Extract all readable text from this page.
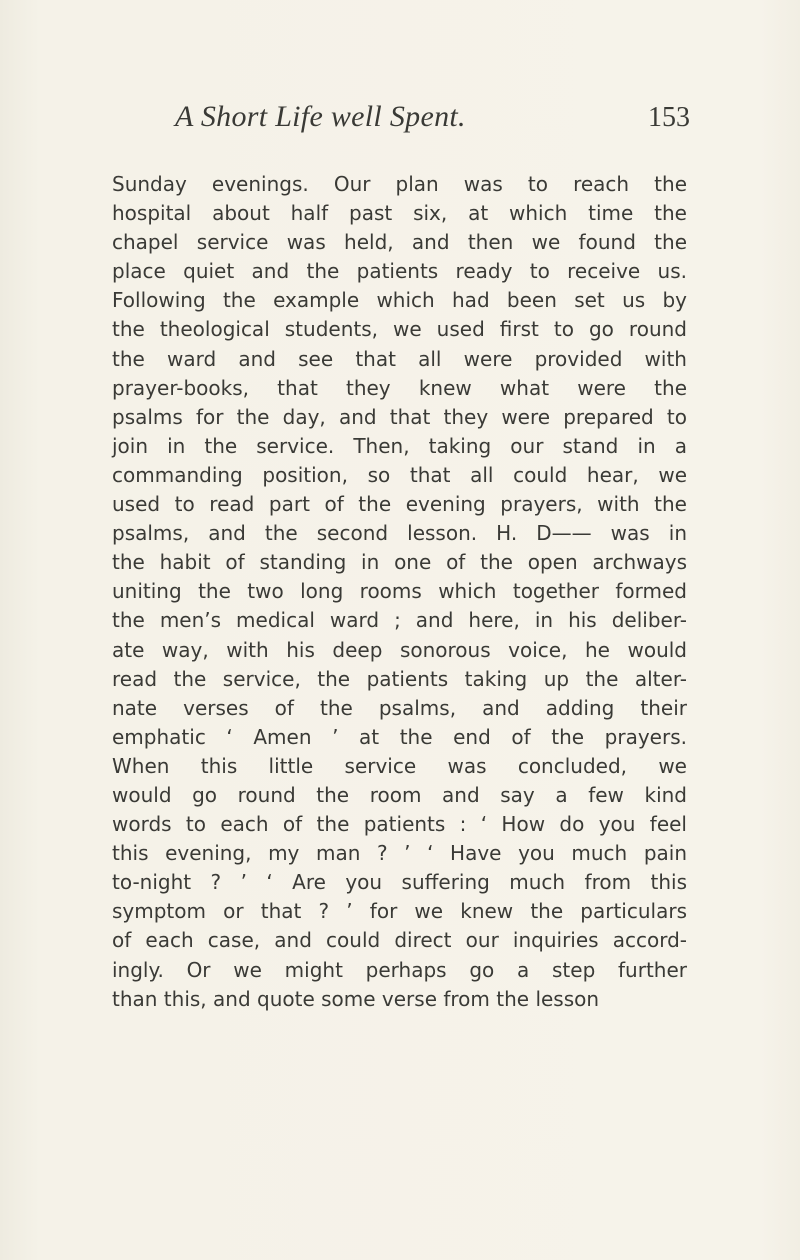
A Short Life well Spent.	153
Sunday evenings. Our plan was to reach the
hospital about half past six, at which time the
chapel service was held, and then we found the
place quiet and the patients ready to receive us.
Following the example which had been set us by
the theological students, we used first to go round
the ward and see that all were provided with
prayer-books, that they knew what were the
psalms for the day, and that they were prepared to
join in the service. Then, taking our stand in a
commanding position, so that all could hear, we
used to read part of the evening prayers, with the
psalms, and the second lesson. H. D—— was in
the habit of standing in one of the open archways
uniting the two long rooms which together formed
the men’s medical ward ; and here, in his deliber-
ate way, with his deep sonorous voice, he would
read the service, the patients taking up the alter-
nate verses of the psalms, and adding their
emphatic ‘ Amen ’ at the end of the prayers.
When this little service was concluded, we
would go round the room and say a few kind
words to each of the patients : ‘ How do you feel
this evening, my man ? ’ ‘ Have you much pain
to-night ? ’ ‘ Are you suffering much from this
symptom or that ? ’ for we knew the particulars
of each case, and could direct our inquiries accord-
ingly. Or we might perhaps go a step further
than this, and quote some verse from the lesson
